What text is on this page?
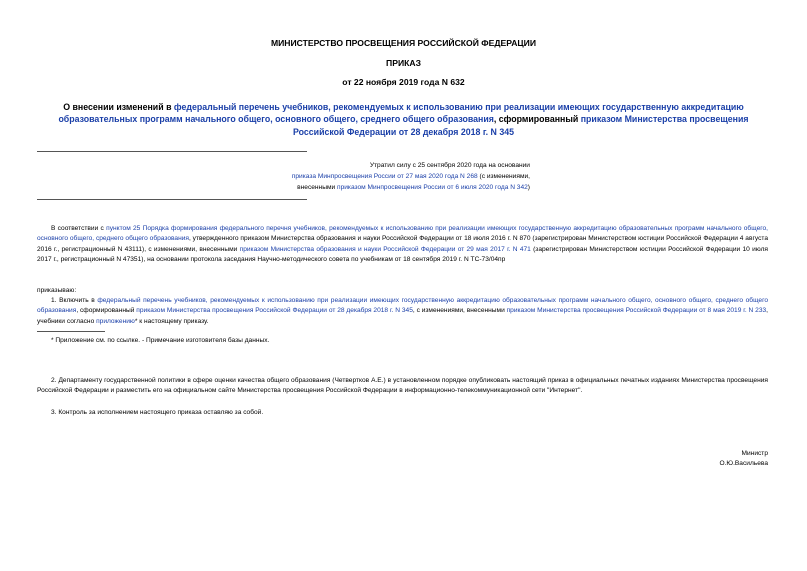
МИНИСТЕРСТВО ПРОСВЕЩЕНИЯ РОССИЙСКОЙ ФЕДЕРАЦИИ
ПРИКАЗ
от 22 ноября 2019 года N 632
О внесении изменений в федеральный перечень учебников, рекомендуемых к использованию при реализации имеющих государственную аккредитацию образовательных программ начального общего, основного общего, среднего общего образования, сформированный приказом Министерства просвещения Российской Федерации от 28 декабря 2018 г. N 345
Утратил силу с 25 сентября 2020 года на основании
приказа Минпросвещения России от 27 мая 2020 года N 268 (с изменениями,
внесенными приказом Минпросвещения России от 6 июля 2020 года N 342)
В соответствии с пунктом 25 Порядка формирования федерального перечня учебников, рекомендуемых к использованию при реализации имеющих государственную аккредитацию образовательных программ начального общего, основного общего, среднего общего образования, утвержденного приказом Министерства образования и науки Российской Федерации от 18 июля 2016 г. N 870 (зарегистрирован Министерством юстиции Российской Федерации 4 августа 2016 г., регистрационный N 43111), с изменениями, внесенными приказом Министерства образования и науки Российской Федерации от 29 мая 2017 г. N 471 (зарегистрирован Министерством юстиции Российской Федерации 10 июля 2017 г., регистрационный N 47351), на основании протокола заседания Научно-методического совета по учебникам от 18 сентября 2019 г. N ТС-73/04пр
приказываю:
1. Включить в федеральный перечень учебников, рекомендуемых к использованию при реализации имеющих государственную аккредитацию образовательных программ начального общего, основного общего, среднего общего образования, сформированный приказом Министерства просвещения Российской Федерации от 28 декабря 2018 г. N 345, с изменениями, внесенными приказом Министерства просвещения Российской Федерации от 8 мая 2019 г. N 233, учебники согласно приложению* к настоящему приказу.
* Приложение см. по ссылке. - Примечание изготовителя базы данных.
2. Департаменту государственной политики в сфере оценки качества общего образования (Четвертков А.Е.) в установленном порядке опубликовать настоящий приказ в официальных печатных изданиях Министерства просвещения Российской Федерации и разместить его на официальном сайте Министерства просвещения Российской Федерации в информационно-телекоммуникационной сети "Интернет".
3. Контроль за исполнением настоящего приказа оставляю за собой.
Министр
О.Ю.Васильева
